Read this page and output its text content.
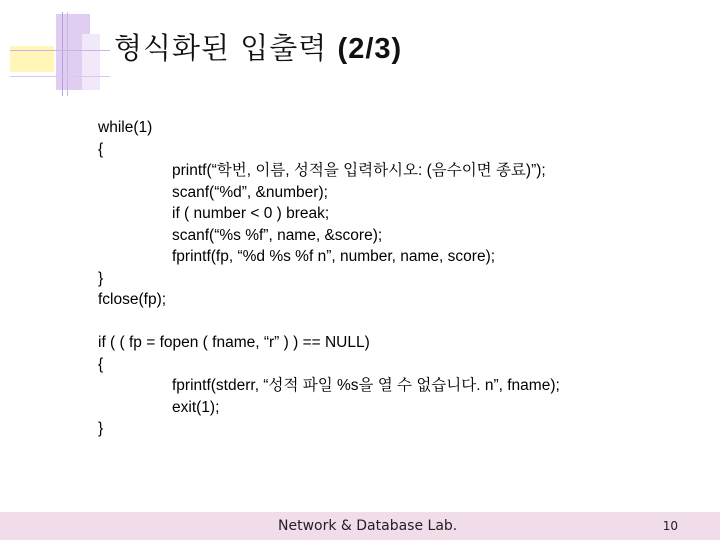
형식화된 입출력 (2/3)
while(1)
{
printf(“학번, 이름, 성적을 입력하시오: (음수이면 종료)”);
scanf(“%d”, &number);
if ( number < 0 ) break;
scanf(“%s %f”, name, &score);
fprintf(fp, “%d %s %f n”, number, name, score);
}
fclose(fp);
if ( ( fp = fopen ( fname, “r” ) ) == NULL)
{
fprintf(stderr, “성적 파일 %s을 열 수 없습니다. n”, fname);
exit(1);
}
Network & Database Lab.	10
